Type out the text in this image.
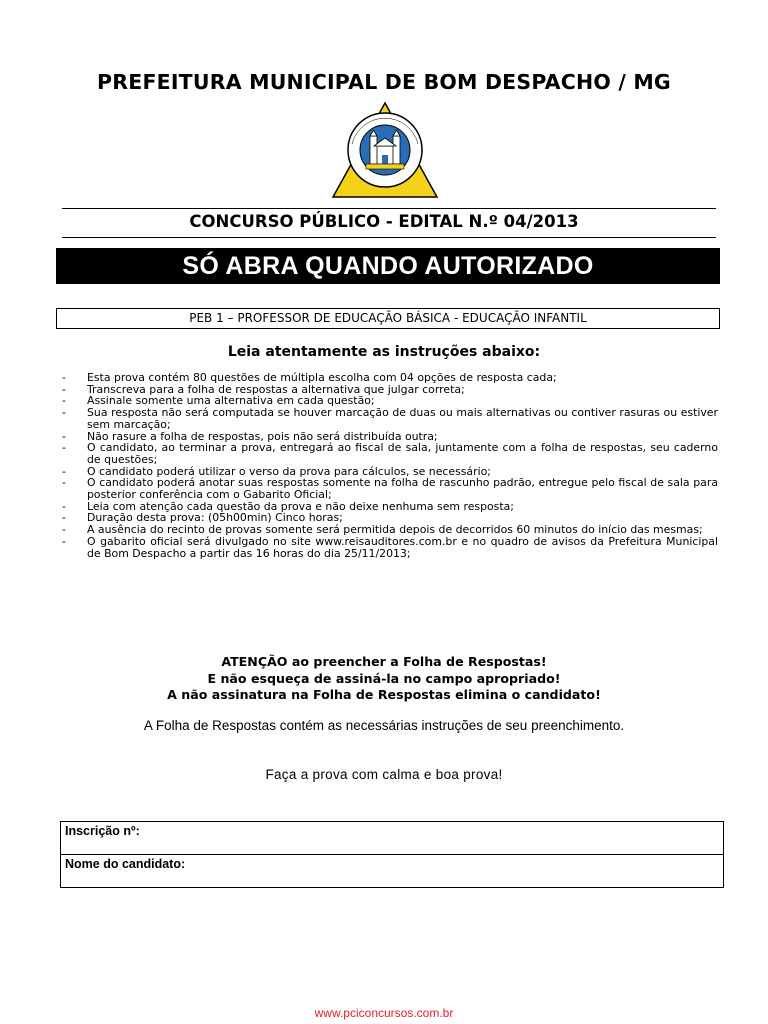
PREFEITURA MUNICIPAL DE BOM DESPACHO / MG
CONCURSO PÚBLICO - EDITAL N.º 04/2013
SÓ ABRA QUANDO AUTORIZADO
PEB 1 – PROFESSOR DE EDUCAÇÃO BÁSICA - EDUCAÇÃO INFANTIL
Leia atentamente as instruções abaixo:
- Esta prova contém 80 questões de múltipla escolha com 04 opções de resposta cada;
- Transcreva para a folha de respostas a alternativa que julgar correta;
- Assinale somente uma alternativa em cada questão;
- Sua resposta não será computada se houver marcação de duas ou mais alternativas ou contiver rasuras ou estiver sem marcação;
- Não rasure a folha de respostas, pois não será distribuída outra;
- O candidato, ao terminar a prova, entregará ao fiscal de sala, juntamente com a folha de respostas, seu caderno de questões;
- O candidato poderá utilizar o verso da prova para cálculos, se necessário;
- O candidato poderá anotar suas respostas somente na folha de rascunho padrão, entregue pelo fiscal de sala para posterior conferência com o Gabarito Oficial;
- Leia com atenção cada questão da prova e não deixe nenhuma sem resposta;
- Duração desta prova: (05h00min) Cinco horas;
- A ausência do recinto de provas somente será permitida depois de decorridos 60 minutos do início das mesmas;
- O gabarito oficial será divulgado no site www.reisauditores.com.br e no quadro de avisos da Prefeitura Municipal de Bom Despacho a partir das 16 horas do dia 25/11/2013;
ATENÇÃO ao preencher a Folha de Respostas!
E não esqueça de assiná-la no campo apropriado!
A não assinatura na Folha de Respostas elimina o candidato!
A Folha de Respostas contém as necessárias instruções de seu preenchimento.
Faça a prova com calma e boa prova!
Inscrição nº:
Nome do candidato:
www.pciconcursos.com.br
